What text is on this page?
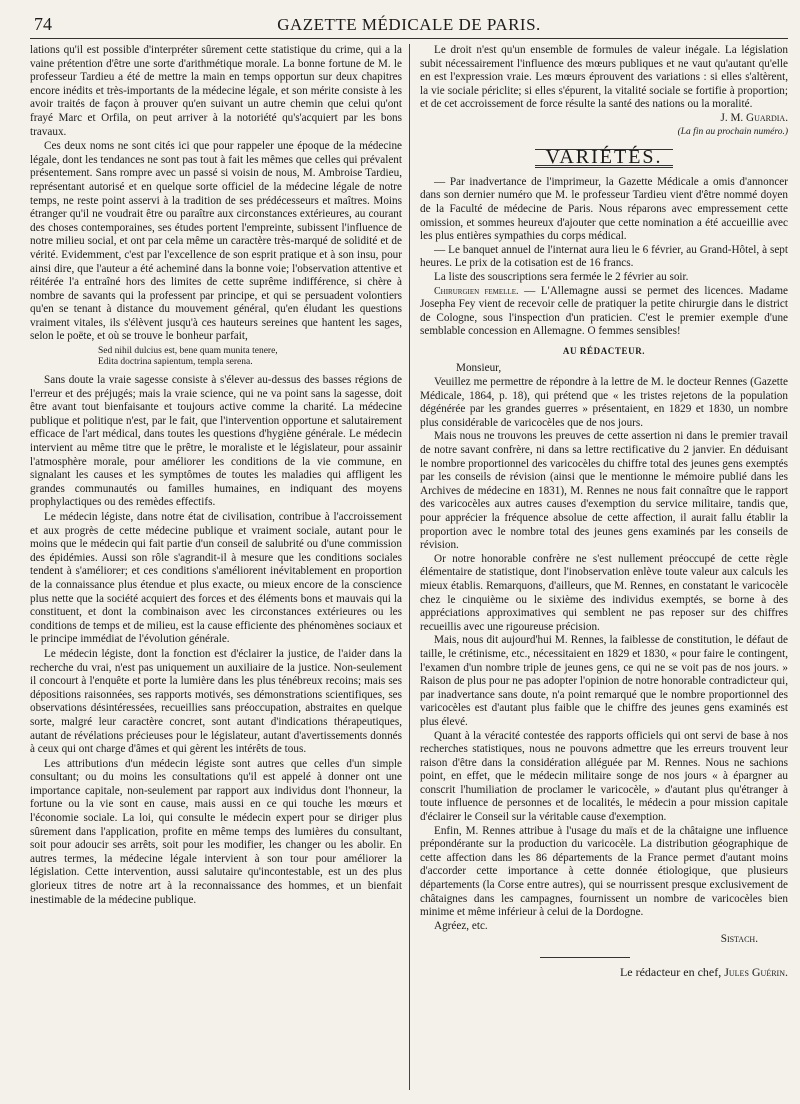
74	GAZETTE MÉDICALE DE PARIS.

lations qu'il est possible d'interpréter sûrement cette statistique du crime, qui a la vaine prétention d'être une sorte d'arithmétique morale. La bonne fortune de M. le professeur Tardieu a été de mettre la main en temps opportun sur deux chapitres encore inédits et très-importants de la médecine légale, et son mérite consiste à les avoir traités de façon à prouver qu'en suivant un autre chemin que celui qu'ont frayé Marc et Orfila, on peut arriver à la notoriété qu's'acquiert par les bons travaux.

Ces deux noms ne sont cités ici que pour rappeler une époque de la médecine légale, dont les tendances ne sont pas tout à fait les mêmes que celles qui prévalent présentement. Sans rompre avec un passé si voisin de nous, M. Ambroise Tardieu, représentant autorisé et en quelque sorte officiel de la médecine légale de notre temps, ne reste point asservi à la tradition de ses prédécesseurs et maîtres. Moins étranger qu'il ne voudrait être ou paraître aux circonstances extérieures, au courant des choses contemporaines, ses études portent l'empreinte, subissent l'influence de notre milieu social, et ont par cela même un caractère très-marqué de solidité et de vérité. Evidemment, c'est par l'excellence de son esprit pratique et à son insu, pour ainsi dire, que l'auteur a été acheminé dans la bonne voie; l'observation attentive et réitérée l'a entraîné hors des limites de cette suprême indifférence, si chère à nombre de savants qui la professent par principe, et qui se persuadent volontiers qu'en se tenant à distance du mouvement général, qu'en éludant les questions vraiment vitales, ils s'élèvent jusqu'à ces hauteurs sereines que hantent les sages, selon le poëte, et où se trouve le bonheur parfait,

Sed nihil dulcius est, bene quam munita tenere,
Edita doctrina sapientum, templa serena.

Sans doute la vraie sagesse consiste à s'élever au-dessus des basses régions de l'erreur et des préjugés; mais la vraie science, qui ne va point sans la sagesse, doit être avant tout bienfaisante et toujours active comme la charité. La médecine publique et politique n'est, par le fait, que l'intervention opportune et salutairement efficace de l'art médical, dans toutes les questions d'hygiène générale. Le médecin intervient au même titre que le prêtre, le moraliste et le législateur, pour assainir l'atmosphère morale, pour améliorer les conditions de la vie commune, en signalant les causes et les symptômes de toutes les maladies qui affligent les grandes communautés ou familles humaines, en indiquant des moyens prophylactiques ou des remèdes effectifs.

Le médecin légiste, dans notre état de civilisation, contribue à l'accroissement et aux progrès de cette médecine publique et vraiment sociale, autant pour le moins que le médecin qui fait partie d'un conseil de salubrité ou d'une commission des épidémies. Aussi son rôle s'agrandit-il à mesure que les conditions sociales tendent à s'améliorer; et ces conditions s'améliorent inévitablement en proportion de la connaissance plus étendue et plus exacte, ou mieux encore de la conscience plus nette que la société acquiert des forces et des éléments bons et mauvais qui la constituent, et dont la combinaison avec les circonstances extérieures ou les conditions de temps et de milieu, est la cause efficiente des phénomènes sociaux et le principe immédiat de l'évolution générale.

Le médecin légiste, dont la fonction est d'éclairer la justice, de l'aider dans la recherche du vrai, n'est pas uniquement un auxiliaire de la justice. Non-seulement il concourt à l'enquête et porte la lumière dans les plus ténébreux recoins; mais ses dépositions raisonnées, ses rapports motivés, ses démonstrations scientifiques, ses observations désintéressées, recueillies sans préoccupation, abstraites en quelque sorte, malgré leur caractère concret, sont autant d'indications thérapeutiques, autant de révélations précieuses pour le législateur, autant d'avertissements donnés à ceux qui ont charge d'âmes et qui gèrent les intérêts de tous.

Les attributions d'un médecin légiste sont autres que celles d'un simple consultant; ou du moins les consultations qu'il est appelé à donner ont une importance capitale, non-seulement par rapport aux individus dont l'honneur, la fortune ou la vie sont en cause, mais aussi en ce qui touche les mœurs et l'économie sociale. La loi, qui consulte le médecin expert pour se diriger plus sûrement dans l'application, profite en même temps des lumières du consultant, soit pour adoucir ses arrêts, soit pour les modifier, les changer ou les abolir. En autres termes, la médecine légale intervient à son tour pour améliorer la législation. Cette intervention, aussi salutaire qu'incontestable, est un des plus glorieux titres de notre art à la reconnaissance des hommes, et un bienfait inestimable de la médecine publique.

Le droit n'est qu'un ensemble de formules de valeur inégale. La législation subit nécessairement l'influence des mœurs publiques et ne vaut qu'autant qu'elle en est l'expression vraie. Les mœurs éprouvent des variations : si elles s'altèrent, la vie sociale périclite; si elles s'épurent, la vitalité sociale se fortifie à proportion; et de cet accroissement de force résulte la santé des nations ou la moralité.

J. M. Guardia.

(La fin au prochain numéro.)

VARIÉTÉS.

— Par inadvertance de l'imprimeur, la Gazette Médicale a omis d'annoncer dans son dernier numéro que M. le professeur Tardieu vient d'être nommé doyen de la Faculté de médecine de Paris. Nous réparons avec empressement cette omission, et sommes heureux d'ajouter que cette nomination a été accueillie avec les plus entières sympathies du corps médical.

— Le banquet annuel de l'internat aura lieu le 6 février, au Grand-Hôtel, à sept heures. Le prix de la cotisation est de 16 francs.

La liste des souscriptions sera fermée le 2 février au soir.

Chirurgien femelle. — L'Allemagne aussi se permet des licences. Madame Josepha Fey vient de recevoir celle de pratiquer la petite chirurgie dans le district de Cologne, sous l'inspection d'un praticien. C'est le premier exemple d'une semblable concession en Allemagne. O femmes sensibles!

AU RÉDACTEUR.

Monsieur,

Veuillez me permettre de répondre à la lettre de M. le docteur Rennes (Gazette Médicale, 1864, p. 18), qui prétend que « les tristes rejetons de la population dégénérée par les grandes guerres » présentaient, en 1829 et 1830, un nombre plus considérable de varicocèles que de nos jours.

Mais nous ne trouvons les preuves de cette assertion ni dans le premier travail de notre savant confrère, ni dans sa lettre rectificative du 2 janvier. En déduisant le nombre proportionnel des varicocèles du chiffre total des jeunes gens exemptés par les conseils de révision (ainsi que le mentionne le mémoire publié dans les Archives de médecine en 1831), M. Rennes ne nous fait connaître que le rapport des varicocèles aux autres causes d'exemption du service militaire, tandis que, pour apprécier la fréquence absolue de cette affection, il aurait fallu établir la proportion avec le nombre total des jeunes gens examinés par les conseils de révision.

Or notre honorable confrère ne s'est nullement préoccupé de cette règle élémentaire de statistique, dont l'inobservation enlève toute valeur aux calculs les mieux établis. Remarquons, d'ailleurs, que M. Rennes, en constatant le varicocèle chez le cinquième ou le sixième des individus exemptés, se borne à des appréciations approximatives qui semblent ne pas reposer sur des chiffres recueillis avec une rigoureuse précision.

Mais, nous dit aujourd'hui M. Rennes, la faiblesse de constitution, le défaut de taille, le crétinisme, etc., nécessitaient en 1829 et 1830, « pour faire le contingent, l'examen d'un nombre triple de jeunes gens, ce qui ne se voit pas de nos jours. » Raison de plus pour ne pas adopter l'opinion de notre honorable contradicteur qui, par inadvertance sans doute, n'a point remarqué que le nombre proportionnel des varicocèles est d'autant plus faible que le chiffre des jeunes gens examinés est plus élevé.

Quant à la véracité contestée des rapports officiels qui ont servi de base à nos recherches statistiques, nous ne pouvons admettre que les erreurs trouvent leur raison d'être dans la considération alléguée par M. Rennes. Nous ne sachions point, en effet, que le médecin militaire songe de nos jours « à épargner au conscrit l'humiliation de proclamer le varicocèle, » d'autant plus qu'étranger à toute influence de personnes et de localités, le médecin a pour mission capitale d'éclairer le Conseil sur la véritable cause d'exemption.

Enfin, M. Rennes attribue à l'usage du maïs et de la châtaigne une influence prépondérante sur la production du varicocèle. La distribution géographique de cette affection dans les 86 départements de la France permet d'autant moins d'accorder cette importance à cette donnée étiologique, que plusieurs départements (la Corse entre autres), qui se nourrissent presque exclusivement de châtaignes dans les campagnes, fournissent un nombre de varicocèles bien minime et même inférieur à celui de la Dordogne.

Agréez, etc.

Sistach.

Le rédacteur en chef, Jules Guérin.
